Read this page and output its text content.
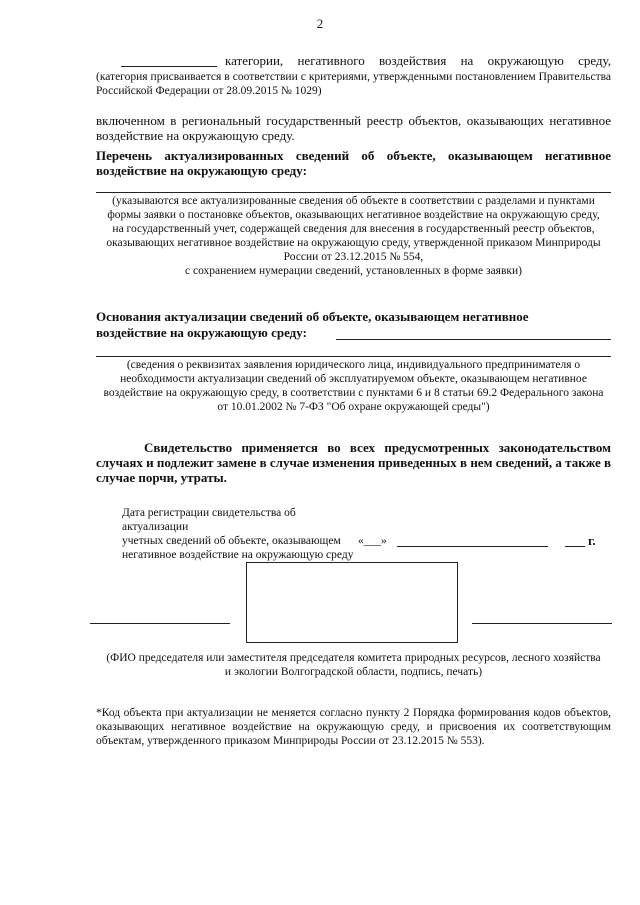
2
категории, негативного воздействия на окружающую среду,
(категория присваивается в соответствии с критериями, утвержденными постановлением Правительства Российской Федерации от 28.09.2015 № 1029)
включенном в региональный государственный реестр объектов, оказывающих негативное воздействие на окружающую среду.
Перечень актуализированных сведений об объекте, оказывающем негативное воздействие на окружающую среду:
(указываются все актуализированные сведения об объекте в соответствии с разделами и пунктами
формы заявки о постановке объектов, оказывающих негативное воздействие на окружающую среду,
на государственный учет, содержащей сведения для внесения в государственный реестр объектов,
оказывающих негативное воздействие на окружающую среду, утвержденной приказом Минприроды
России от 23.12.2015 № 554,
с сохранением нумерации сведений, установленных в форме заявки)
Основания актуализации сведений об объекте, оказывающем негативное
воздействие на окружающую среду:
(сведения о реквизитах заявления юридического лица, индивидуального предпринимателя о
необходимости актуализации сведений об эксплуатируемом объекте, оказывающем негативное
воздействие на окружающую среду, в соответствии с пунктами 6 и 8 статьи 69.2 Федерального закона
от 10.01.2002 № 7-ФЗ "Об охране окружающей среды")
Свидетельство применяется во всех предусмотренных законодательством случаях и подлежит замене в случае изменения приведенных в нем сведений, а также в случае порчи, утраты.
Дата регистрации свидетельства об актуализации
учетных сведений об объекте, оказывающем
негативное воздействие на окружающую среду
«___»	г.
(ФИО председателя или заместителя председателя комитета природных ресурсов, лесного хозяйства
и экологии Волгоградской области, подпись, печать)
*Код объекта при актуализации не меняется согласно пункту 2 Порядка формирования кодов объектов, оказывающих негативное воздействие на окружающую среду, и присвоения их соответствующим объектам, утвержденного приказом Минприроды России от 23.12.2015 № 553).
